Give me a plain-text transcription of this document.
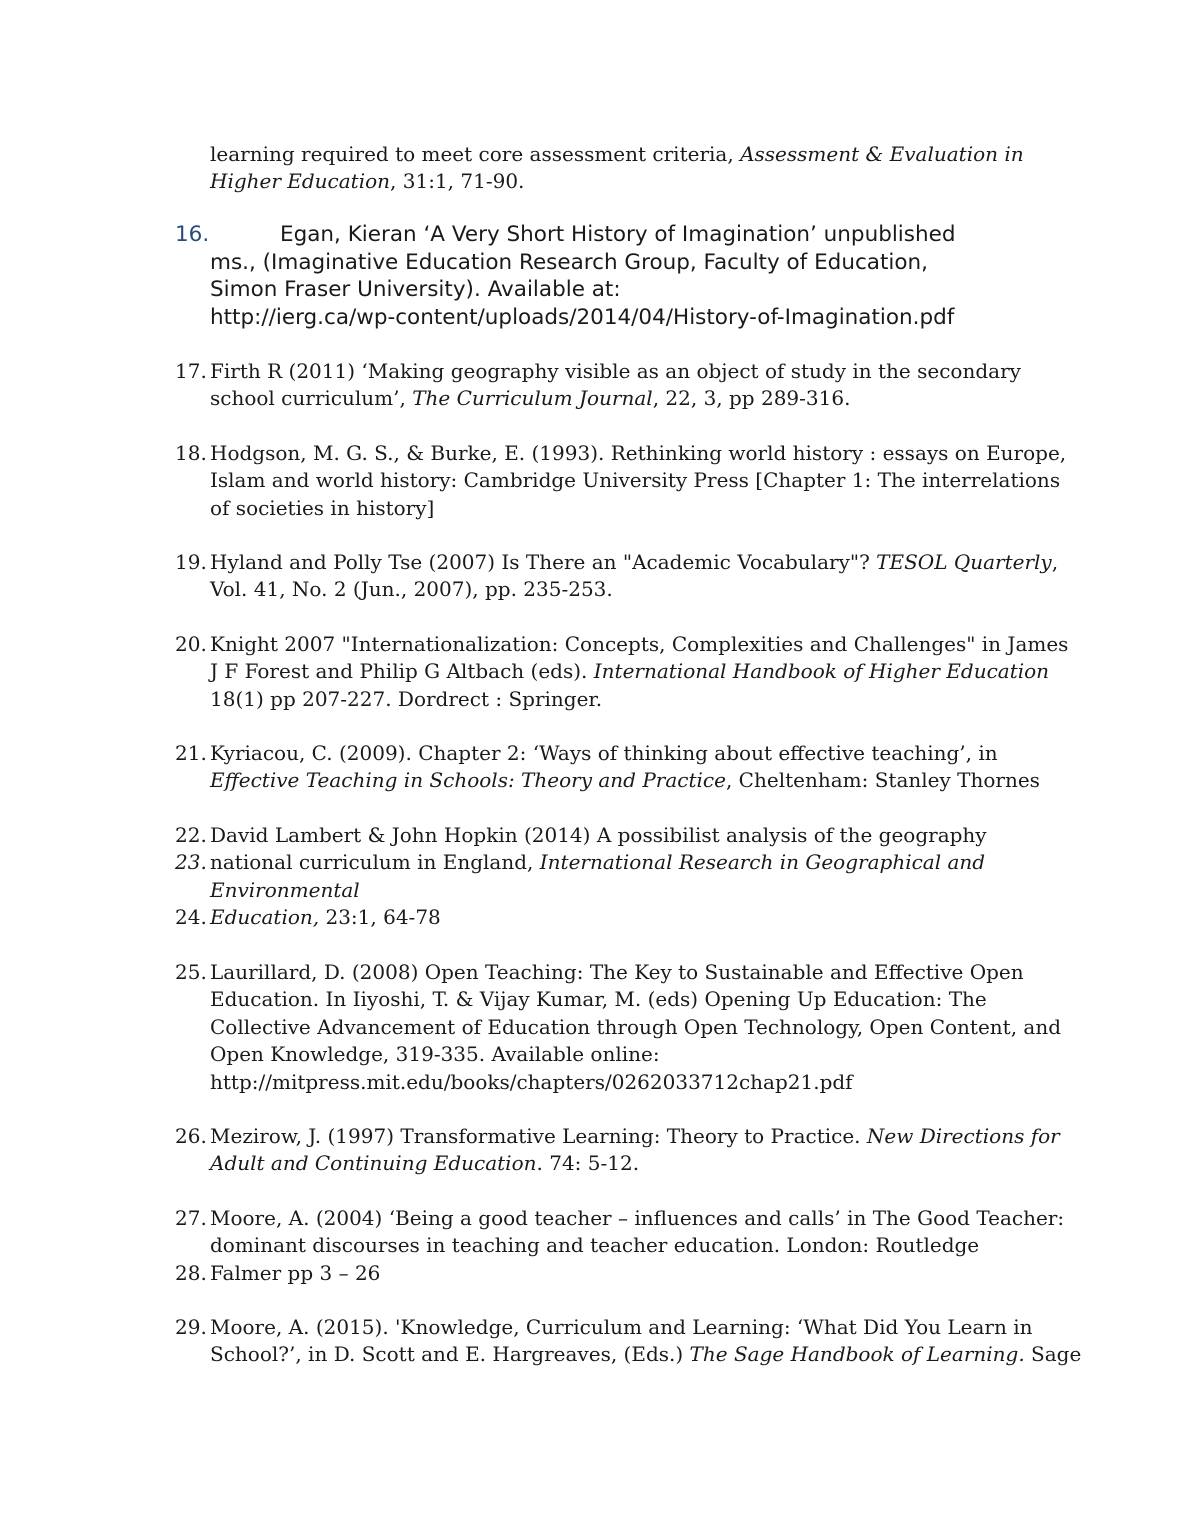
learning required to meet core assessment criteria, Assessment & Evaluation in
Higher Education, 31:1, 71-90.
16.	Egan, Kieran ‘A Very Short History of Imagination’ unpublished
ms., (Imaginative Education Research Group, Faculty of Education,
Simon Fraser University). Available at:
http://ierg.ca/wp-content/uploads/2014/04/History-of-Imagination.pdf
17. Firth R (2011) ‘Making geography visible as an object of study in the secondary
school curriculum’, The Curriculum Journal, 22, 3, pp 289-316.
18. Hodgson, M. G. S., & Burke, E. (1993). Rethinking world history : essays on Europe,
Islam and world history: Cambridge University Press [Chapter 1: The interrelations
of societies in history]
19. Hyland and Polly Tse (2007) Is There an "Academic Vocabulary"? TESOL Quarterly,
Vol. 41, No. 2 (Jun., 2007), pp. 235-253.
20. Knight 2007 "Internationalization: Concepts, Complexities and Challenges" in James
J F Forest and Philip G Altbach (eds). International Handbook of Higher Education
18(1) pp 207-227. Dordrect : Springer.
21. Kyriacou, C. (2009). Chapter 2: ‘Ways of thinking about effective teaching’, in
Effective Teaching in Schools: Theory and Practice, Cheltenham: Stanley Thornes
22. David Lambert & John Hopkin (2014) A possibilist analysis of the geography
23. national curriculum in England, International Research in Geographical and
Environmental
24. Education, 23:1, 64-78
25. Laurillard, D. (2008) Open Teaching: The Key to Sustainable and Effective Open
Education. In Iiyoshi, T. & Vijay Kumar, M. (eds) Opening Up Education: The
Collective Advancement of Education through Open Technology, Open Content, and
Open Knowledge, 319-335. Available online:
http://mitpress.mit.edu/books/chapters/0262033712chap21.pdf
26. Mezirow, J. (1997) Transformative Learning: Theory to Practice. New Directions for
Adult and Continuing Education. 74: 5-12.
27. Moore, A. (2004) ‘Being a good teacher – influences and calls’ in The Good Teacher:
dominant discourses in teaching and teacher education. London: Routledge
28. Falmer pp 3 – 26
29. Moore, A. (2015). 'Knowledge, Curriculum and Learning: ‘What Did You Learn in
School?’, in D. Scott and E. Hargreaves, (Eds.) The Sage Handbook of Learning. Sage
